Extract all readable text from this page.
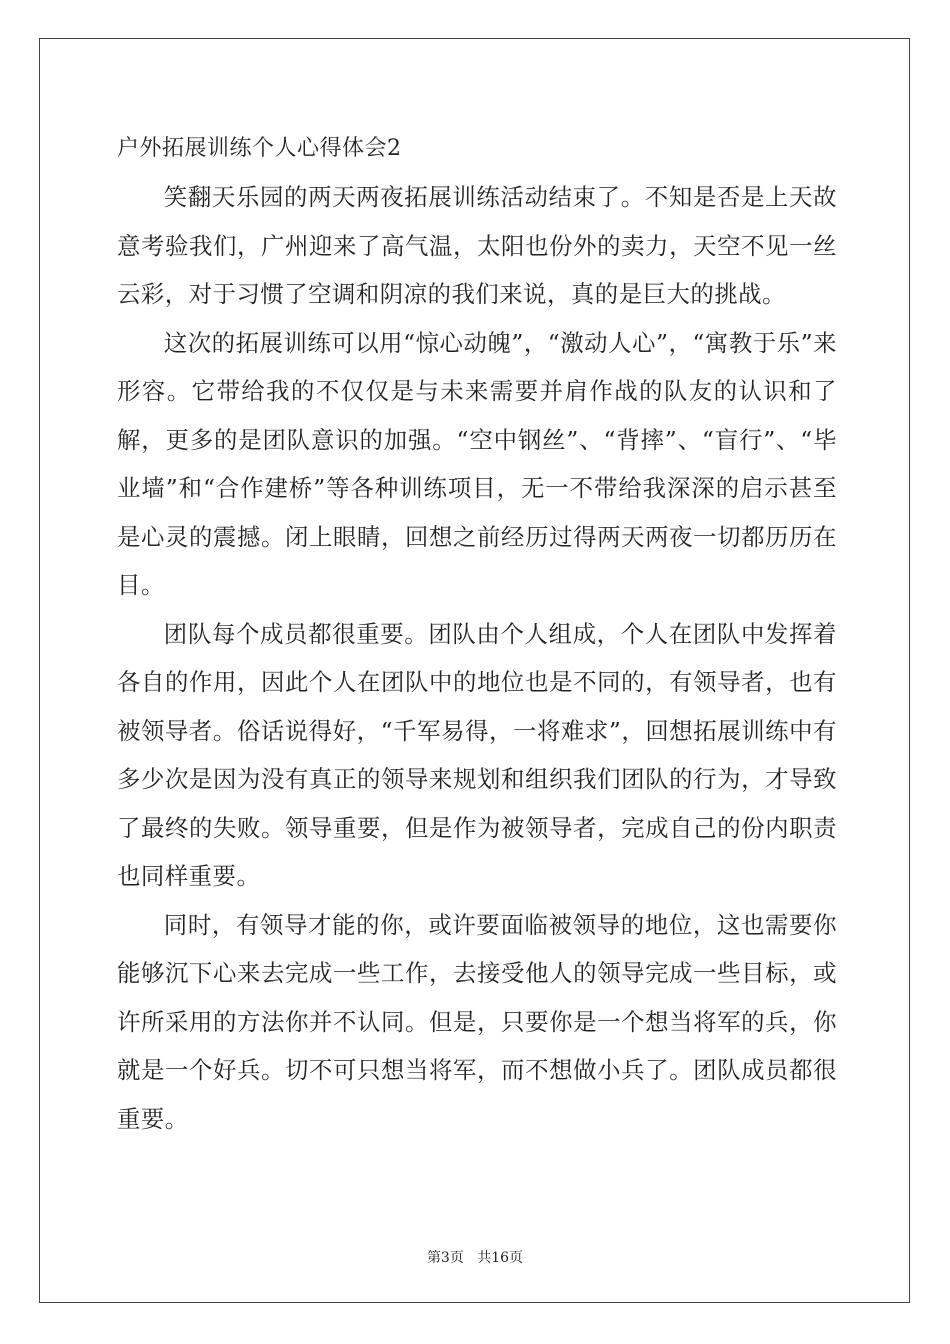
户外拓展训练个人心得体会2

笑翻天乐园的两天两夜拓展训练活动结束了。不知是否是上天故意考验我们，广州迎来了高气温，太阳也份外的卖力，天空不见一丝云彩，对于习惯了空调和阴凉的我们来说，真的是巨大的挑战。

这次的拓展训练可以用“惊心动魄”，“激动人心”，“寓教于乐”来形容。它带给我的不仅仅是与未来需要并肩作战的队友的认识和了解，更多的是团队意识的加强。“空中钢丝”、“背摔”、“盲行”、“毕业墙”和“合作建桥”等各种训练项目，无一不带给我深深的启示甚至是心灵的震撼。闭上眼睛，回想之前经历过得两天两夜一切都历历在目。

团队每个成员都很重要。团队由个人组成，个人在团队中发挥着各自的作用，因此个人在团队中的地位也是不同的，有领导者，也有被领导者。俗话说得好，“千军易得，一将难求”，回想拓展训练中有多少次是因为没有真正的领导来规划和组织我们团队的行为，才导致了最终的失败。领导重要，但是作为被领导者，完成自己的份内职责也同样重要。

同时，有领导才能的你，或许要面临被领导的地位，这也需要你能够沉下心来去完成一些工作，去接受他人的领导完成一些目标，或许所采用的方法你并不认同。但是，只要你是一个想当将军的兵，你就是一个好兵。切不可只想当将军，而不想做小兵了。团队成员都很重要。

第3页 共16页
